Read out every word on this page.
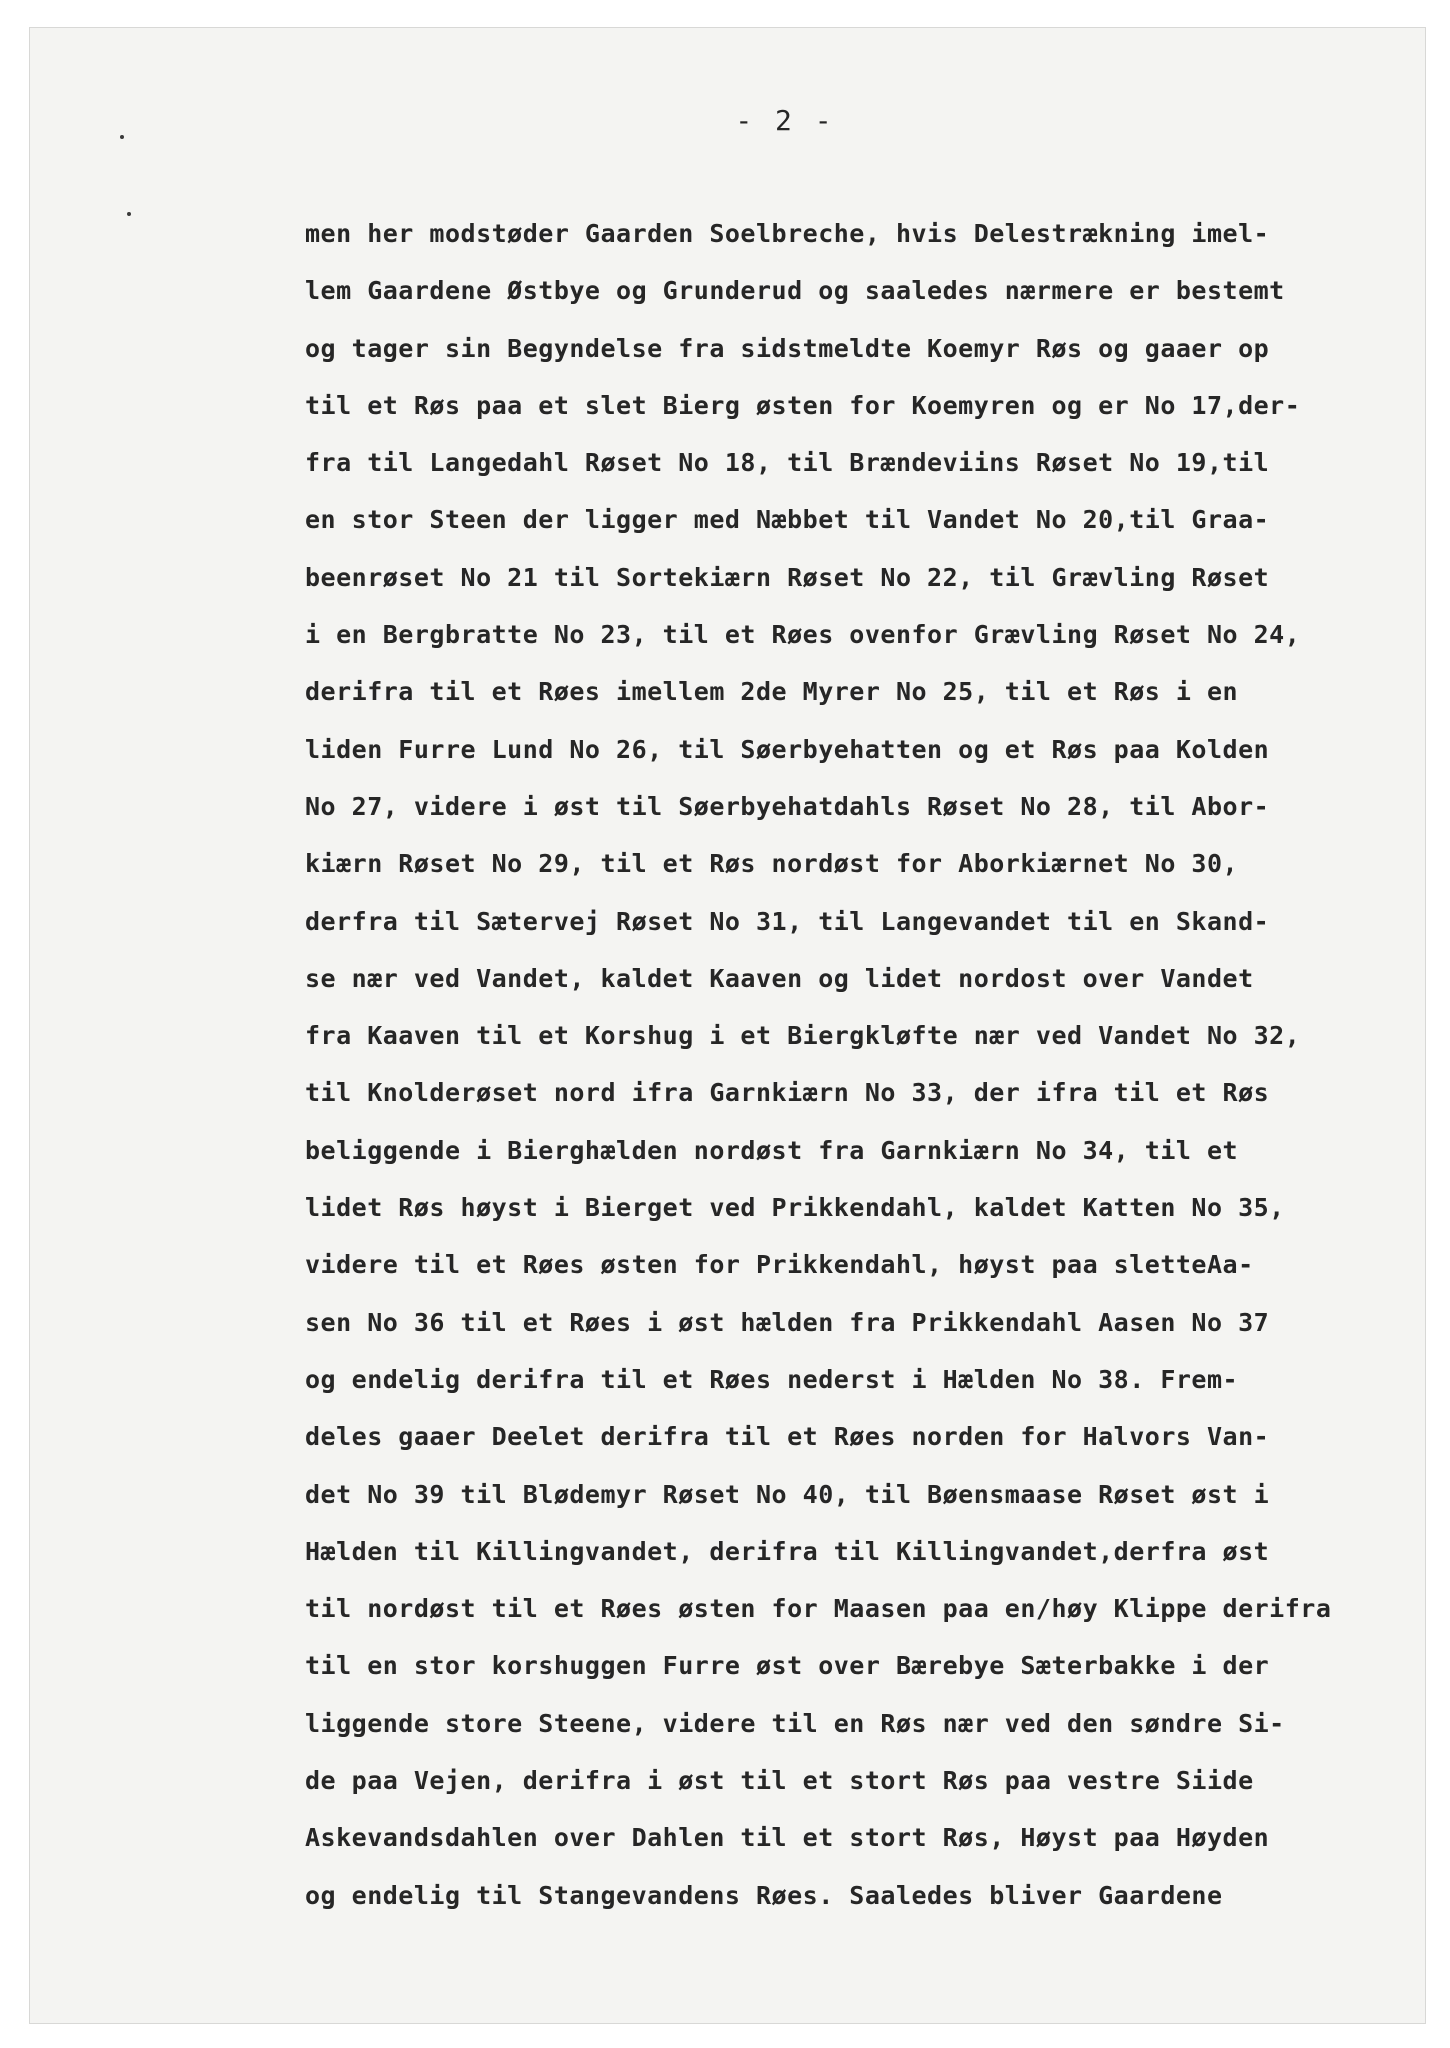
- 2 -
men her modstøder Gaarden Soelbreche, hvis Delestrækning imel-
lem Gaardene Østbye og Grunderud og saaledes nærmere er bestemt
og tager sin Begyndelse fra sidstmeldte Koemyr Røs og gaaer op
til et Røs paa et slet Bierg østen for Koemyren og er No 17,der-
fra til Langedahl Røset No 18, til Brændeviins Røset No 19,til
en stor Steen der ligger med Næbbet til Vandet No 20,til Graa-
beenrøset No 21 til Sortekiærn Røset No 22, til Grævling Røset
i en Bergbratte No 23, til et Røes ovenfor Grævling Røset No 24,
derifra til et Røes imellem 2de Myrer No 25, til et Røs i en
liden Furre Lund No 26, til Søerbyehatten og et Røs paa Kolden
No 27, videre i øst til Søerbyehatdahls Røset No 28, til Abor-
kiærn Røset No 29, til et Røs nordøst for Aborkiærnet No 30,
derfra til Sætervej Røset No 31, til Langevandet til en Skand-
se nær ved Vandet, kaldet Kaaven og lidet nordost over Vandet
fra Kaaven til et Korshug i et Biergkløfte nær ved Vandet No 32,
til Knolderøset nord ifra Garnkiærn No 33, der ifra til et Røs
beliggende i Bierghælden nordøst fra Garnkiærn No 34, til et
lidet Røs høyst i Bierget ved Prikkendahl, kaldet Katten No 35,
videre til et Røes østen for Prikkendahl, høyst paa sletteAa-
sen No 36 til et Røes i øst hælden fra Prikkendahl Aasen No 37
og endelig derifra til et Røes nederst i Hælden No 38. Frem-
deles gaaer Deelet derifra til et Røes norden for Halvors Van-
det No 39 til Blødemyr Røset No 40, til Bøensmaase Røset øst i
Hælden til Killingvandet, derifra til Killingvandet,derfra øst
til nordøst til et Røes østen for Maasen paa en/høy Klippe derifra
til en stor korshuggen Furre øst over Bærebye Sæterbakke i der
liggende store Steene, videre til en Røs nær ved den søndre Si-
de paa Vejen, derifra i øst til et stort Røs paa vestre Siide
Askevandsdahlen over Dahlen til et stort Røs, Høyst paa Høyden
og endelig til Stangevandens Røes. Saaledes bliver Gaardene
